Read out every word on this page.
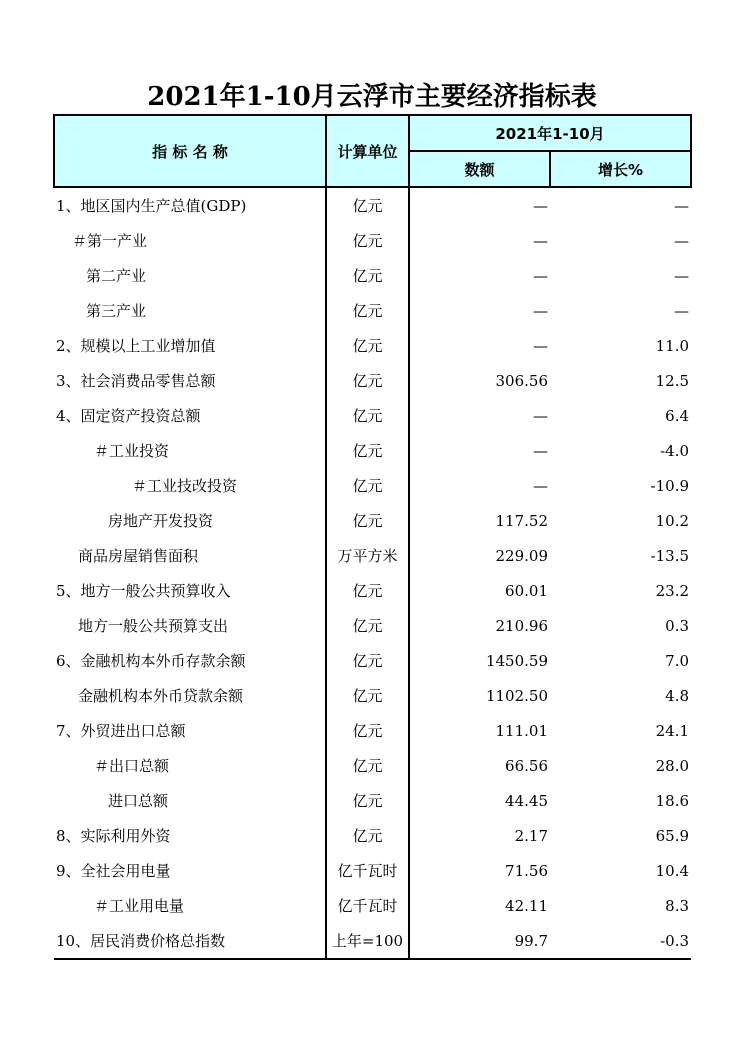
2021年1-10月云浮市主要经济指标表
指 标 名 称	计算单位	2021年1-10月	
		数额	增长%
1、地区国内生产总值(GDP)	亿元	—	—
＃第一产业	亿元	—	—
第二产业	亿元	—	—
第三产业	亿元	—	—
2、规模以上工业增加值	亿元	—	11.0
3、社会消费品零售总额	亿元	306.56	12.5
4、固定资产投资总额	亿元	—	6.4
＃工业投资	亿元	—	-4.0
＃工业技改投资	亿元	—	-10.9
房地产开发投资	亿元	117.52	10.2
商品房屋销售面积	万平方米	229.09	-13.5
5、地方一般公共预算收入	亿元	60.01	23.2
地方一般公共预算支出	亿元	210.96	0.3
6、金融机构本外币存款余额	亿元	1450.59	7.0
金融机构本外币贷款余额	亿元	1102.50	4.8
7、外贸进出口总额	亿元	111.01	24.1
＃出口总额	亿元	66.56	28.0
进口总额	亿元	44.45	18.6
8、实际利用外资	亿元	2.17	65.9
9、全社会用电量	亿千瓦时	71.56	10.4
＃工业用电量	亿千瓦时	42.11	8.3
10、居民消费价格总指数	上年=100	99.7	-0.3
